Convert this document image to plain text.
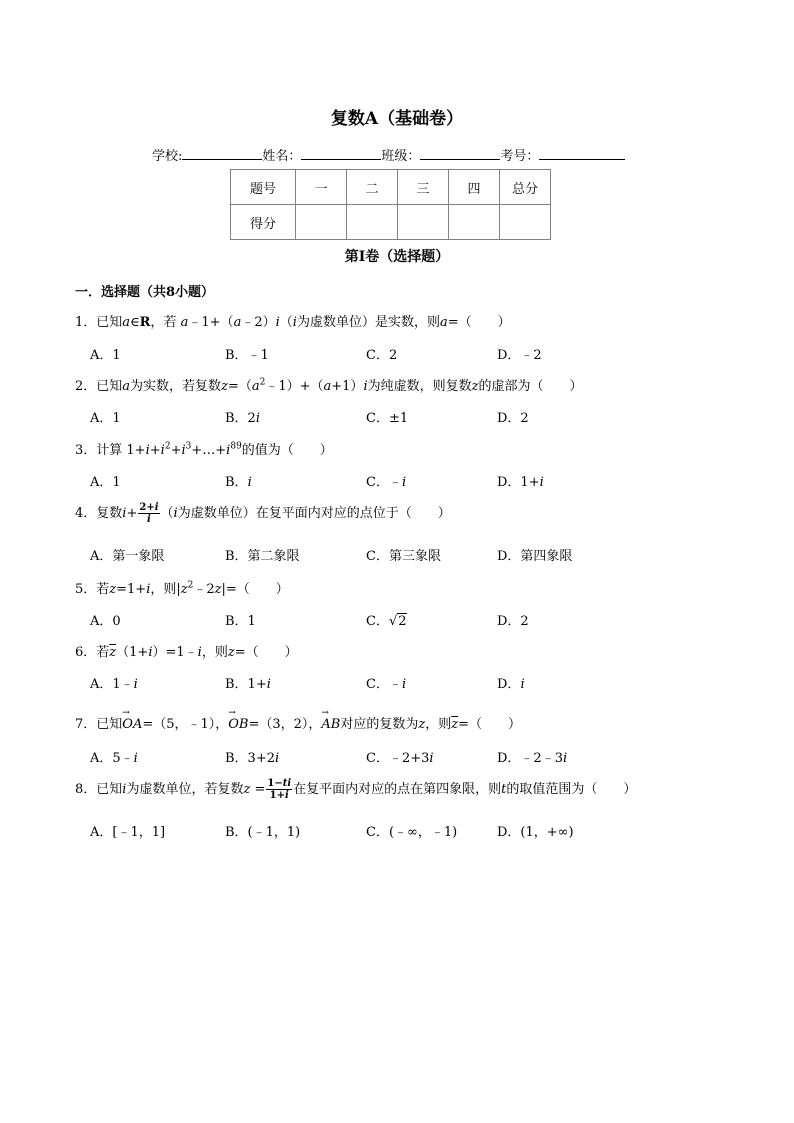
复数A（基础卷）
学校:	姓名：	班级：	考号：
题号	一	二	三	四	总分
得分					
第Ⅰ卷（选择题）
一．选择题（共8小题）
1．已知a∈R，若 a﹣1+（a﹣2）i（i为虚数单位）是实数，则a=（　　）
A．1	B．﹣1	C．2	D．﹣2
2．已知a为实数，若复数$z=(a^2﹣1)+(a+1)i$为纯虚数，则复数z的虚部为（　　）
A．1	B．2i	C．±1	D．2
3．计算 $1+i+i^2+i^3+\dots+i^{89}$的值为（　　）
A．1	B．i	C．﹣i	D．1+i
4．复数$i+ \frac{2+i}{i} (i$为虚数单位）在复平面内对应的点位于（　　）
A．第一象限	B．第二象限	C．第三象限	D．第四象限
5．若z=1+i，则$|z^2﹣2z|=$（　　）
A．0	B．1	C．√2	D．2
6．若$\overline{z}(1+i)=1﹣i$，则z=（　　）
A．1﹣i	B．1+i	C．﹣i	D．i
7．已知→ OA=（5，﹣1），→ OB=（3，2），→ AB对应的复数为z，则$\overline{z}=$（　　）
A．5﹣i	B．3+2i	C．﹣2+3i	D．﹣2﹣3i
8．已知i为虚数单位，若复数$z = \frac{1-ti}{1+i}$ 在复平面内对应的点在第四象限，则t的取值范围为（　　）
A．[﹣1，1]	B．(﹣1，1)	C．(﹣∞，﹣1)	D．(1，+∞)
